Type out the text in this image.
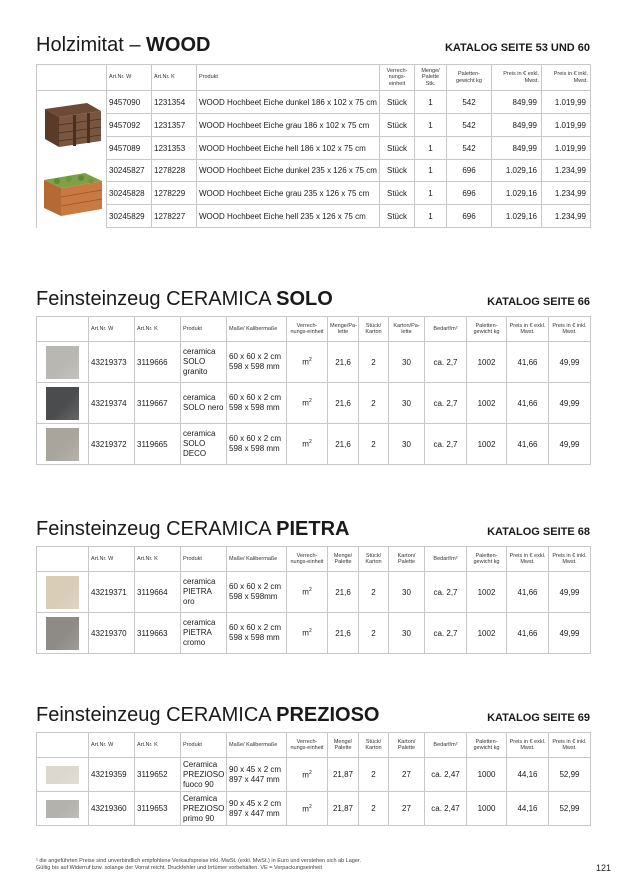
Holzimitat – WOOD	KATALOG SEITE 53 UND 60
	Art.Nr. W	Art.Nr. K	Produkt	Verrech-nungs-einheit	Menge/ Palette Stk.	Paletten-gewicht kg	Preis in € exkl. Mwst.	Preis in € inkl. Mwst.
	9457090	1231354	WOOD Hochbeet Eiche dunkel 186 x 102 x 75 cm	Stück	1	542	849,99	1.019,99
	9457092	1231357	WOOD Hochbeet Eiche grau 186 x 102 x 75 cm	Stück	1	542	849,99	1.019,99
	9457089	1231353	WOOD Hochbeet Eiche hell 186 x 102 x 75 cm	Stück	1	542	849,99	1.019,99
	30245827	1278228	WOOD Hochbeet Eiche dunkel 235 x 126 x 75 cm	Stück	1	696	1.029,16	1.234,99
	30245828	1278229	WOOD Hochbeet Eiche grau 235 x 126 x 75 cm	Stück	1	696	1.029,16	1.234,99
	30245829	1278227	WOOD Hochbeet Eiche hell 235 x 126 x 75 cm	Stück	1	696	1.029,16	1.234,99
Feinsteinzeug CERAMICA SOLO	KATALOG SEITE 66
	Art.Nr. W	Art.Nr. K	Produkt	Maße/ Kalibermaße	Verrech-nungs-einheit	Menge/Pa-lette	Stück/ Karton	Karton/Pa-lette	Bedarf/m²	Paletten-gewicht kg	Preis in € exkl. Mwst.	Preis in € inkl. Mwst.

	43219373	3119666	ceramica SOLO granito	60 x 60 x 2 cm
598 x 598 mm	$m^2$	21,6	2	30	ca. 2,7	1002	41,66	49,99

	43219374	3119667	ceramica SOLO nero	60 x 60 x 2 cm
598 x 598 mm	$m^2$	21,6	2	30	ca. 2,7	1002	41,66	49,99

	43219372	3119665	ceramica SOLO DECO	60 x 60 x 2 cm
598 x 598 mm	$m^2$	21,6	2	30	ca. 2,7	1002	41,66	49,99
Feinsteinzeug CERAMICA PIETRA	KATALOG SEITE 68
	Art.Nr. W	Art.Nr. K	Produkt	Maße/ Kalibermaße	Verrech-nungs-einheit	Menge/ Palette	Stück/ Karton	Karton/ Palette	Bedarf/m²	Paletten-gewicht kg	Preis in € exkl. Mwst.	Preis in € inkl. Mwst.

	43219371	3119664	ceramica PIETRA oro	60 x 60 x 2 cm
598 x 598mm	$m^2$	21,6	2	30	ca. 2,7	1002	41,66	49,99

	43219370	3119663	ceramica PIETRA cromo	60 x 60 x 2 cm
598 x 598 mm	$m^2$	21,6	2	30	ca. 2,7	1002	41,66	49,99
Feinsteinzeug CERAMICA PREZIOSO	KATALOG SEITE 69
	Art.Nr. W	Art.Nr. K	Produkt	Maße/ Kalibermaße	Verrech-nungs-einheit	Menge/ Palette	Stück/ Karton	Karton/ Palette	Bedarf/m²	Paletten-gewicht kg	Preis in € exkl. Mwst.	Preis in € inkl. Mwst.

	43219359	3119652	Ceramica PREZIOSO fuoco 90	90 x 45 x 2 cm
897 x 447 mm	$m^2$	21,87	2	27	ca. 2,47	1000	44,16	52,99

	43219360	3119653	Ceramica PREZIOSO primo 90	90 x 45 x 2 cm
897 x 447 mm	$m^2$	21,87	2	27	ca. 2,47	1000	44,16	52,99
¹ die angeführten Preise sind unverbindlich empfohlene Verkaufspreise inkl. MwSt. (exkl. MwSt.) in Euro und verstehen sich ab Lager.
Gültig bis auf Widerruf bzw. solange der Vorrat reicht. Druckfehler und Irrtümer vorbehalten. VE = Verpackungseinheit	121
